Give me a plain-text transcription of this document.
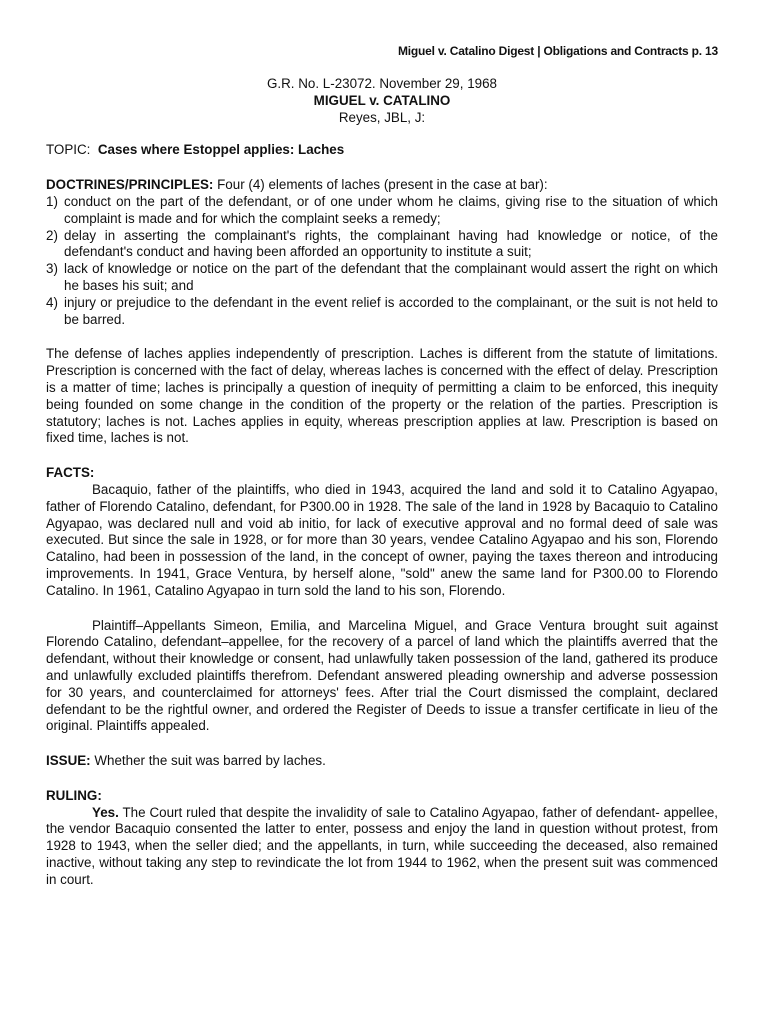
Miguel v. Catalino Digest | Obligations and Contracts p. 13

G.R. No. L-23072. November 29, 1968

MIGUEL v. CATALINO

Reyes, JBL, J:

TOPIC: Cases where Estoppel applies: Laches

DOCTRINES/PRINCIPLES: Four (4) elements of laches (present in the case at bar):

1) conduct on the part of the defendant, or of one under whom he claims, giving rise to the situation of which complaint is made and for which the complaint seeks a remedy;
2) delay in asserting the complainant's rights, the complainant having had knowledge or notice, of the defendant's conduct and having been afforded an opportunity to institute a suit;
3) lack of knowledge or notice on the part of the defendant that the complainant would assert the right on which he bases his suit; and
4) injury or prejudice to the defendant in the event relief is accorded to the complainant, or the suit is not held to be barred.

The defense of laches applies independently of prescription. Laches is different from the statute of limitations. Prescription is concerned with the fact of delay, whereas laches is concerned with the effect of delay. Prescription is a matter of time; laches is principally a question of inequity of permitting a claim to be enforced, this inequity being founded on some change in the condition of the property or the relation of the parties. Prescription is statutory; laches is not. Laches applies in equity, whereas prescription applies at law. Prescription is based on fixed time, laches is not.

FACTS:

Bacaquio, father of the plaintiffs, who died in 1943, acquired the land and sold it to Catalino Agyapao, father of Florendo Catalino, defendant, for P300.00 in 1928. The sale of the land in 1928 by Bacaquio to Catalino Agyapao, was declared null and void ab initio, for lack of executive approval and no formal deed of sale was executed. But since the sale in 1928, or for more than 30 years, vendee Catalino Agyapao and his son, Florendo Catalino, had been in possession of the land, in the concept of owner, paying the taxes thereon and introducing improvements. In 1941, Grace Ventura, by herself alone, "sold" anew the same land for P300.00 to Florendo Catalino. In 1961, Catalino Agyapao in turn sold the land to his son, Florendo.

Plaintiff–Appellants Simeon, Emilia, and Marcelina Miguel, and Grace Ventura brought suit against Florendo Catalino, defendant–appellee, for the recovery of a parcel of land which the plaintiffs averred that the defendant, without their knowledge or consent, had unlawfully taken possession of the land, gathered its produce and unlawfully excluded plaintiffs therefrom. Defendant answered pleading ownership and adverse possession for 30 years, and counterclaimed for attorneys' fees. After trial the Court dismissed the complaint, declared defendant to be the rightful owner, and ordered the Register of Deeds to issue a transfer certificate in lieu of the original. Plaintiffs appealed.

ISSUE: Whether the suit was barred by laches.

RULING:

Yes. The Court ruled that despite the invalidity of sale to Catalino Agyapao, father of defendant- appellee, the vendor Bacaquio consented the latter to enter, possess and enjoy the land in question without protest, from 1928 to 1943, when the seller died; and the appellants, in turn, while succeeding the deceased, also remained inactive, without taking any step to revindicate the lot from 1944 to 1962, when the present suit was commenced in court.
